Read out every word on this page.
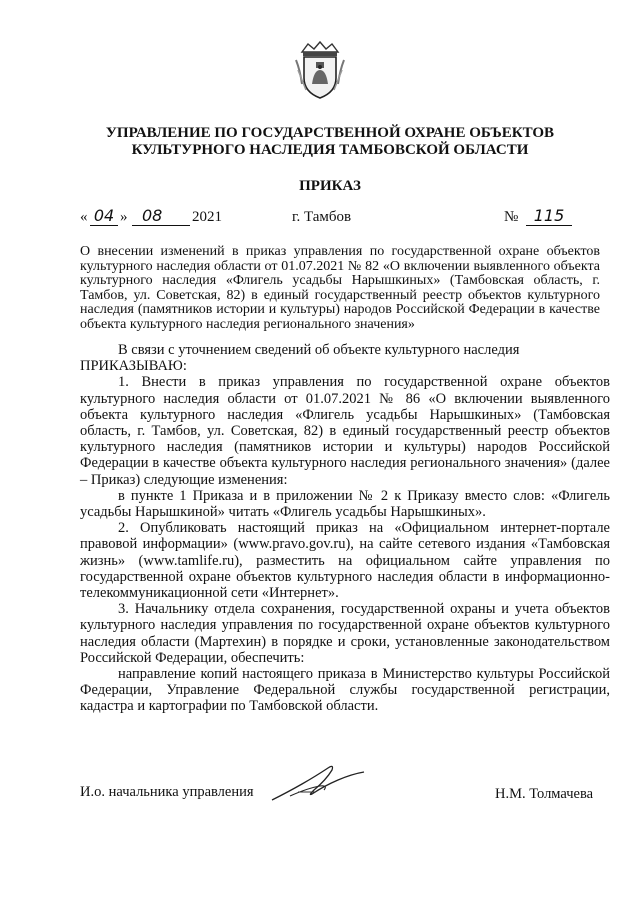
УПРАВЛЕНИЕ ПО ГОСУДАРСТВЕННОЙ ОХРАНЕ ОБЪЕКТОВ
КУЛЬТУРНОГО НАСЛЕДИЯ ТАМБОВСКОЙ ОБЛАСТИ
ПРИКАЗ
« 04 » 08	2021	г. Тамбов	№ 115
О внесении изменений в приказ управления по государственной охране объектов культурного наследия области от 01.07.2021 № 82 «О включении выявленного объекта культурного наследия «Флигель усадьбы Нарышкиных» (Тамбовская область, г. Тамбов, ул. Советская, 82) в единый государственный реестр объектов культурного наследия (памятников истории и культуры) народов Российской Федерации в качестве объекта культурного наследия регионального значения»

В связи с уточнением сведений об объекте культурного наследия

ПРИКАЗЫВАЮ:

1. Внести в приказ управления по государственной охране объектов культурного наследия области от 01.07.2021 № 86 «О включении выявленного объекта культурного наследия «Флигель усадьбы Нарышкиных» (Тамбовская область, г. Тамбов, ул. Советская, 82) в единый государственный реестр объектов культурного наследия (памятников истории и культуры) народов Российской Федерации в качестве объекта культурного наследия регионального значения» (далее – Приказ) следующие изменения:

в пункте 1 Приказа и в приложении № 2 к Приказу вместо слов: «Флигель усадьбы Нарышкиной» читать «Флигель усадьбы Нарышкиных».

2. Опубликовать настоящий приказ на «Официальном интернет-портале правовой информации» (www.pravo.gov.ru), на сайте сетевого издания «Тамбовская жизнь» (www.tamlife.ru), разместить на официальном сайте управления по государственной охране объектов культурного наследия области в информационно-телекоммуникационной сети «Интернет».

3. Начальнику отдела сохранения, государственной охраны и учета объектов культурного наследия управления по государственной охране объектов культурного наследия области (Мартехин) в порядке и сроки, установленные законодательством Российской Федерации, обеспечить:

направление копий настоящего приказа в Министерство культуры Российской Федерации, Управление Федеральной службы государственной регистрации, кадастра и картографии по Тамбовской области.

И.о. начальника управления	Н.М. Толмачева
